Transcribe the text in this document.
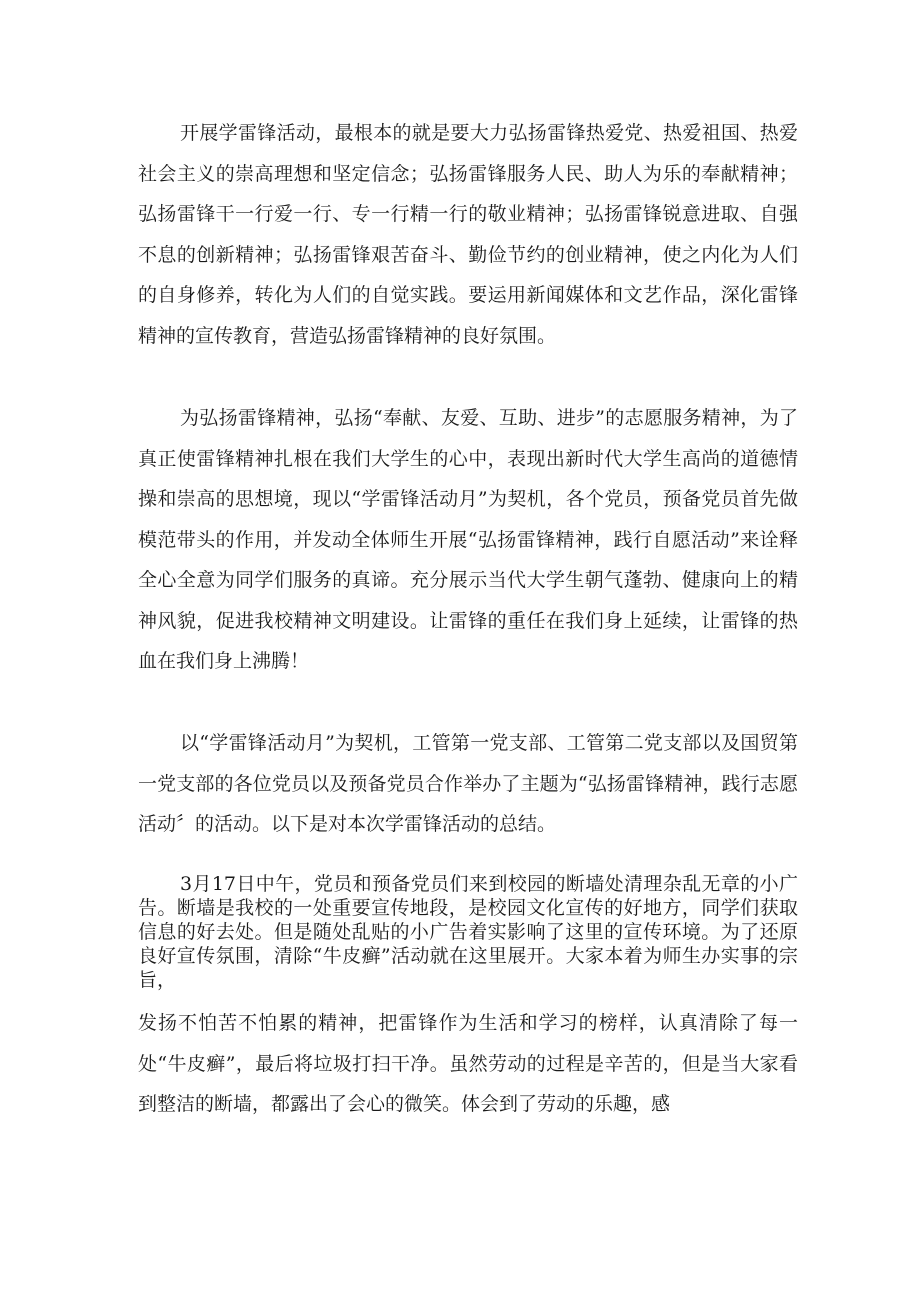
开展学雷锋活动，最根本的就是要大力弘扬雷锋热爱党、热爱祖国、热爱社会主义的崇高理想和坚定信念；弘扬雷锋服务人民、助人为乐的奉献精神；弘扬雷锋干一行爱一行、专一行精一行的敬业精神；弘扬雷锋锐意进取、自强不息的创新精神；弘扬雷锋艰苦奋斗、勤俭节约的创业精神，使之内化为人们的自身修养，转化为人们的自觉实践。要运用新闻媒体和文艺作品，深化雷锋精神的宣传教育，营造弘扬雷锋精神的良好氛围。

为弘扬雷锋精神，弘扬“奉献、友爱、互助、进步”的志愿服务精神，为了真正使雷锋精神扎根在我们大学生的心中，表现出新时代大学生高尚的道德情操和崇高的思想境，现以“学雷锋活动月”为契机，各个党员，预备党员首先做模范带头的作用，并发动全体师生开展“弘扬雷锋精神，践行自愿活动”来诠释全心全意为同学们服务的真谛。充分展示当代大学生朝气蓬勃、健康向上的精神风貌，促进我校精神文明建设。让雷锋的重任在我们身上延续，让雷锋的热血在我们身上沸腾！

以“学雷锋活动月”为契机，工管第一党支部、工管第二党支部以及国贸第一党支部的各位党员以及预备党员合作举办了主题为“弘扬雷锋精神，践行志愿活动〞的活动。以下是对本次学雷锋活动的总结。

3月17日中午，党员和预备党员们来到校园的断墙处清理杂乱无章的小广告。断墙是我校的一处重要宣传地段，是校园文化宣传的好地方，同学们获取信息的好去处。但是随处乱贴的小广告着实影响了这里的宣传环境。为了还原良好宣传氛围，清除“牛皮癣”活动就在这里展开。大家本着为师生办实事的宗旨，

发扬不怕苦不怕累的精神，把雷锋作为生活和学习的榜样，认真清除了每一处“牛皮癣”，最后将垃圾打扫干净。虽然劳动的过程是辛苦的，但是当大家看到整洁的断墙，都露出了会心的微笑。体会到了劳动的乐趣，感
